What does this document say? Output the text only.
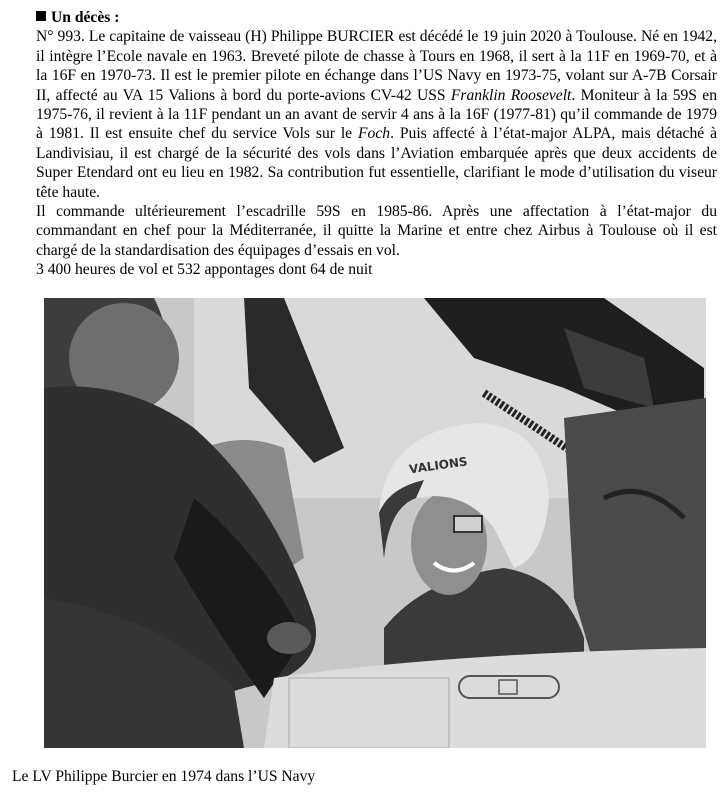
Un décès :

N° 993. Le capitaine de vaisseau (H) Philippe BURCIER est décédé le 19 juin 2020 à Toulouse. Né en 1942, il intègre l’Ecole navale en 1963. Breveté pilote de chasse à Tours en 1968, il sert à la 11F en 1969-70, et à la 16F en 1970-73. Il est le premier pilote en échange dans l’US Navy en 1973-75, volant sur A-7B Corsair II, affecté au VA 15 Valions à bord du porte-avions CV-42 USS Franklin Roosevelt. Moniteur à la 59S en 1975-76, il revient à la 11F pendant un an avant de servir 4 ans à la 16F (1977-81) qu’il commande de 1979 à 1981. Il est ensuite chef du service Vols sur le Foch. Puis affecté à l’état-major ALPA, mais détaché à Landivisiau, il est chargé de la sécurité des vols dans l’Aviation embarquée après que deux accidents de Super Etendard ont eu lieu en 1982. Sa contribution fut essentielle, clarifiant le mode d’utilisation du viseur tête haute.

Il commande ultérieurement l’escadrille 59S en 1985-86. Après une affectation à l’état-major du commandant en chef pour la Méditerranée, il quitte la Marine et entre chez Airbus à Toulouse où il est chargé de la standardisation des équipages d’essais en vol.

3 400 heures de vol et 532 appontages dont 64 de nuit

VALIONS
Le LV Philippe Burcier en 1974 dans l’US Navy
